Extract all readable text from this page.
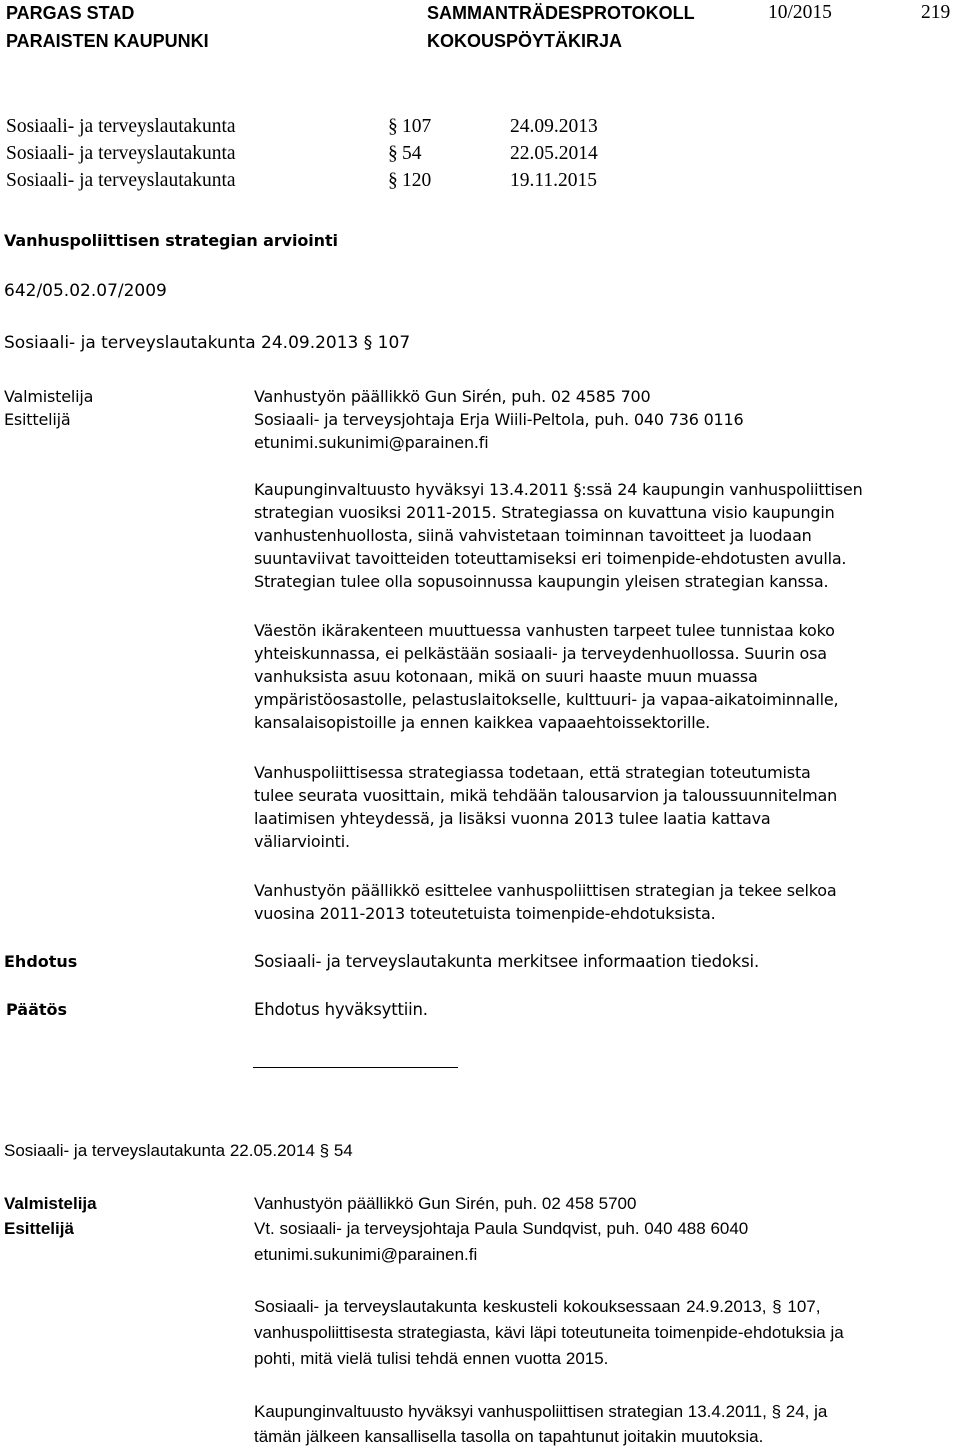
PARGAS STAD
PARAISTEN KAUPUNKI
SAMMANTRÄDESPROTOKOLL
KOKOUSPÖYTÄKIRJA
10/2015	219
Sosiaali- ja terveyslautakunta	§ 107	24.09.2013
Sosiaali- ja terveyslautakunta	§ 54	22.05.2014
Sosiaali- ja terveyslautakunta	§ 120	19.11.2015
Vanhuspoliittisen strategian arviointi
642/05.02.07/2009
Sosiaali- ja terveyslautakunta 24.09.2013 § 107
Valmistelija	Vanhustyön päällikkö Gun Sirén, puh. 02 4585 700
Esittelijä	Sosiaali- ja terveysjohtaja Erja Wiili-Peltola, puh. 040 736 0116
etunimi.sukunimi@parainen.fi
Kaupunginvaltuusto hyväksyi 13.4.2011 §:ssä 24 kaupungin vanhuspoliittisen
strategian vuosiksi 2011-2015. Strategiassa on kuvattuna visio kaupungin
vanhustenhuollosta, siinä vahvistetaan toiminnan tavoitteet ja luodaan
suuntaviivat tavoitteiden toteuttamiseksi eri toimenpide-ehdotusten avulla.
Strategian tulee olla sopusoinnussa kaupungin yleisen strategian kanssa.
Väestön ikärakenteen muuttuessa vanhusten tarpeet tulee tunnistaa koko
yhteiskunnassa, ei pelkästään sosiaali- ja terveydenhuollossa. Suurin osa
vanhuksista asuu kotonaan, mikä on suuri haaste muun muassa
ympäristöosastolle, pelastuslaitokselle, kulttuuri- ja vapaa-aikatoiminnalle,
kansalaisopistoille ja ennen kaikkea vapaaehtoissektorille.
Vanhuspoliittisessa strategiassa todetaan, että strategian toteutumista
tulee seurata vuosittain, mikä tehdään talousarvion ja taloussuunnitelman
laatimisen yhteydessä, ja lisäksi vuonna 2013 tulee laatia kattava
väliarviointi.
Vanhustyön päällikkö esittelee vanhuspoliittisen strategian ja tekee selkoa
vuosina 2011-2013 toteutetuista toimenpide-ehdotuksista.
Ehdotus	Sosiaali- ja terveyslautakunta merkitsee informaation tiedoksi.
Päätös	Ehdotus hyväksyttiin.
Sosiaali- ja terveyslautakunta 22.05.2014 § 54
Valmistelija	Vanhustyön päällikkö Gun Sirén, puh. 02 458 5700
Esittelijä	Vt. sosiaali- ja terveysjohtaja Paula Sundqvist, puh. 040 488 6040
etunimi.sukunimi@parainen.fi
Sosiaali- ja terveyslautakunta keskusteli kokouksessaan 24.9.2013, § 107,
vanhuspoliittisesta strategiasta, kävi läpi toteutuneita toimenpide-ehdotuksia ja
pohti, mitä vielä tulisi tehdä ennen vuotta 2015.
Kaupunginvaltuusto hyväksyi vanhuspoliittisen strategian 13.4.2011, § 24, ja
tämän jälkeen kansallisella tasolla on tapahtunut joitakin muutoksia.
